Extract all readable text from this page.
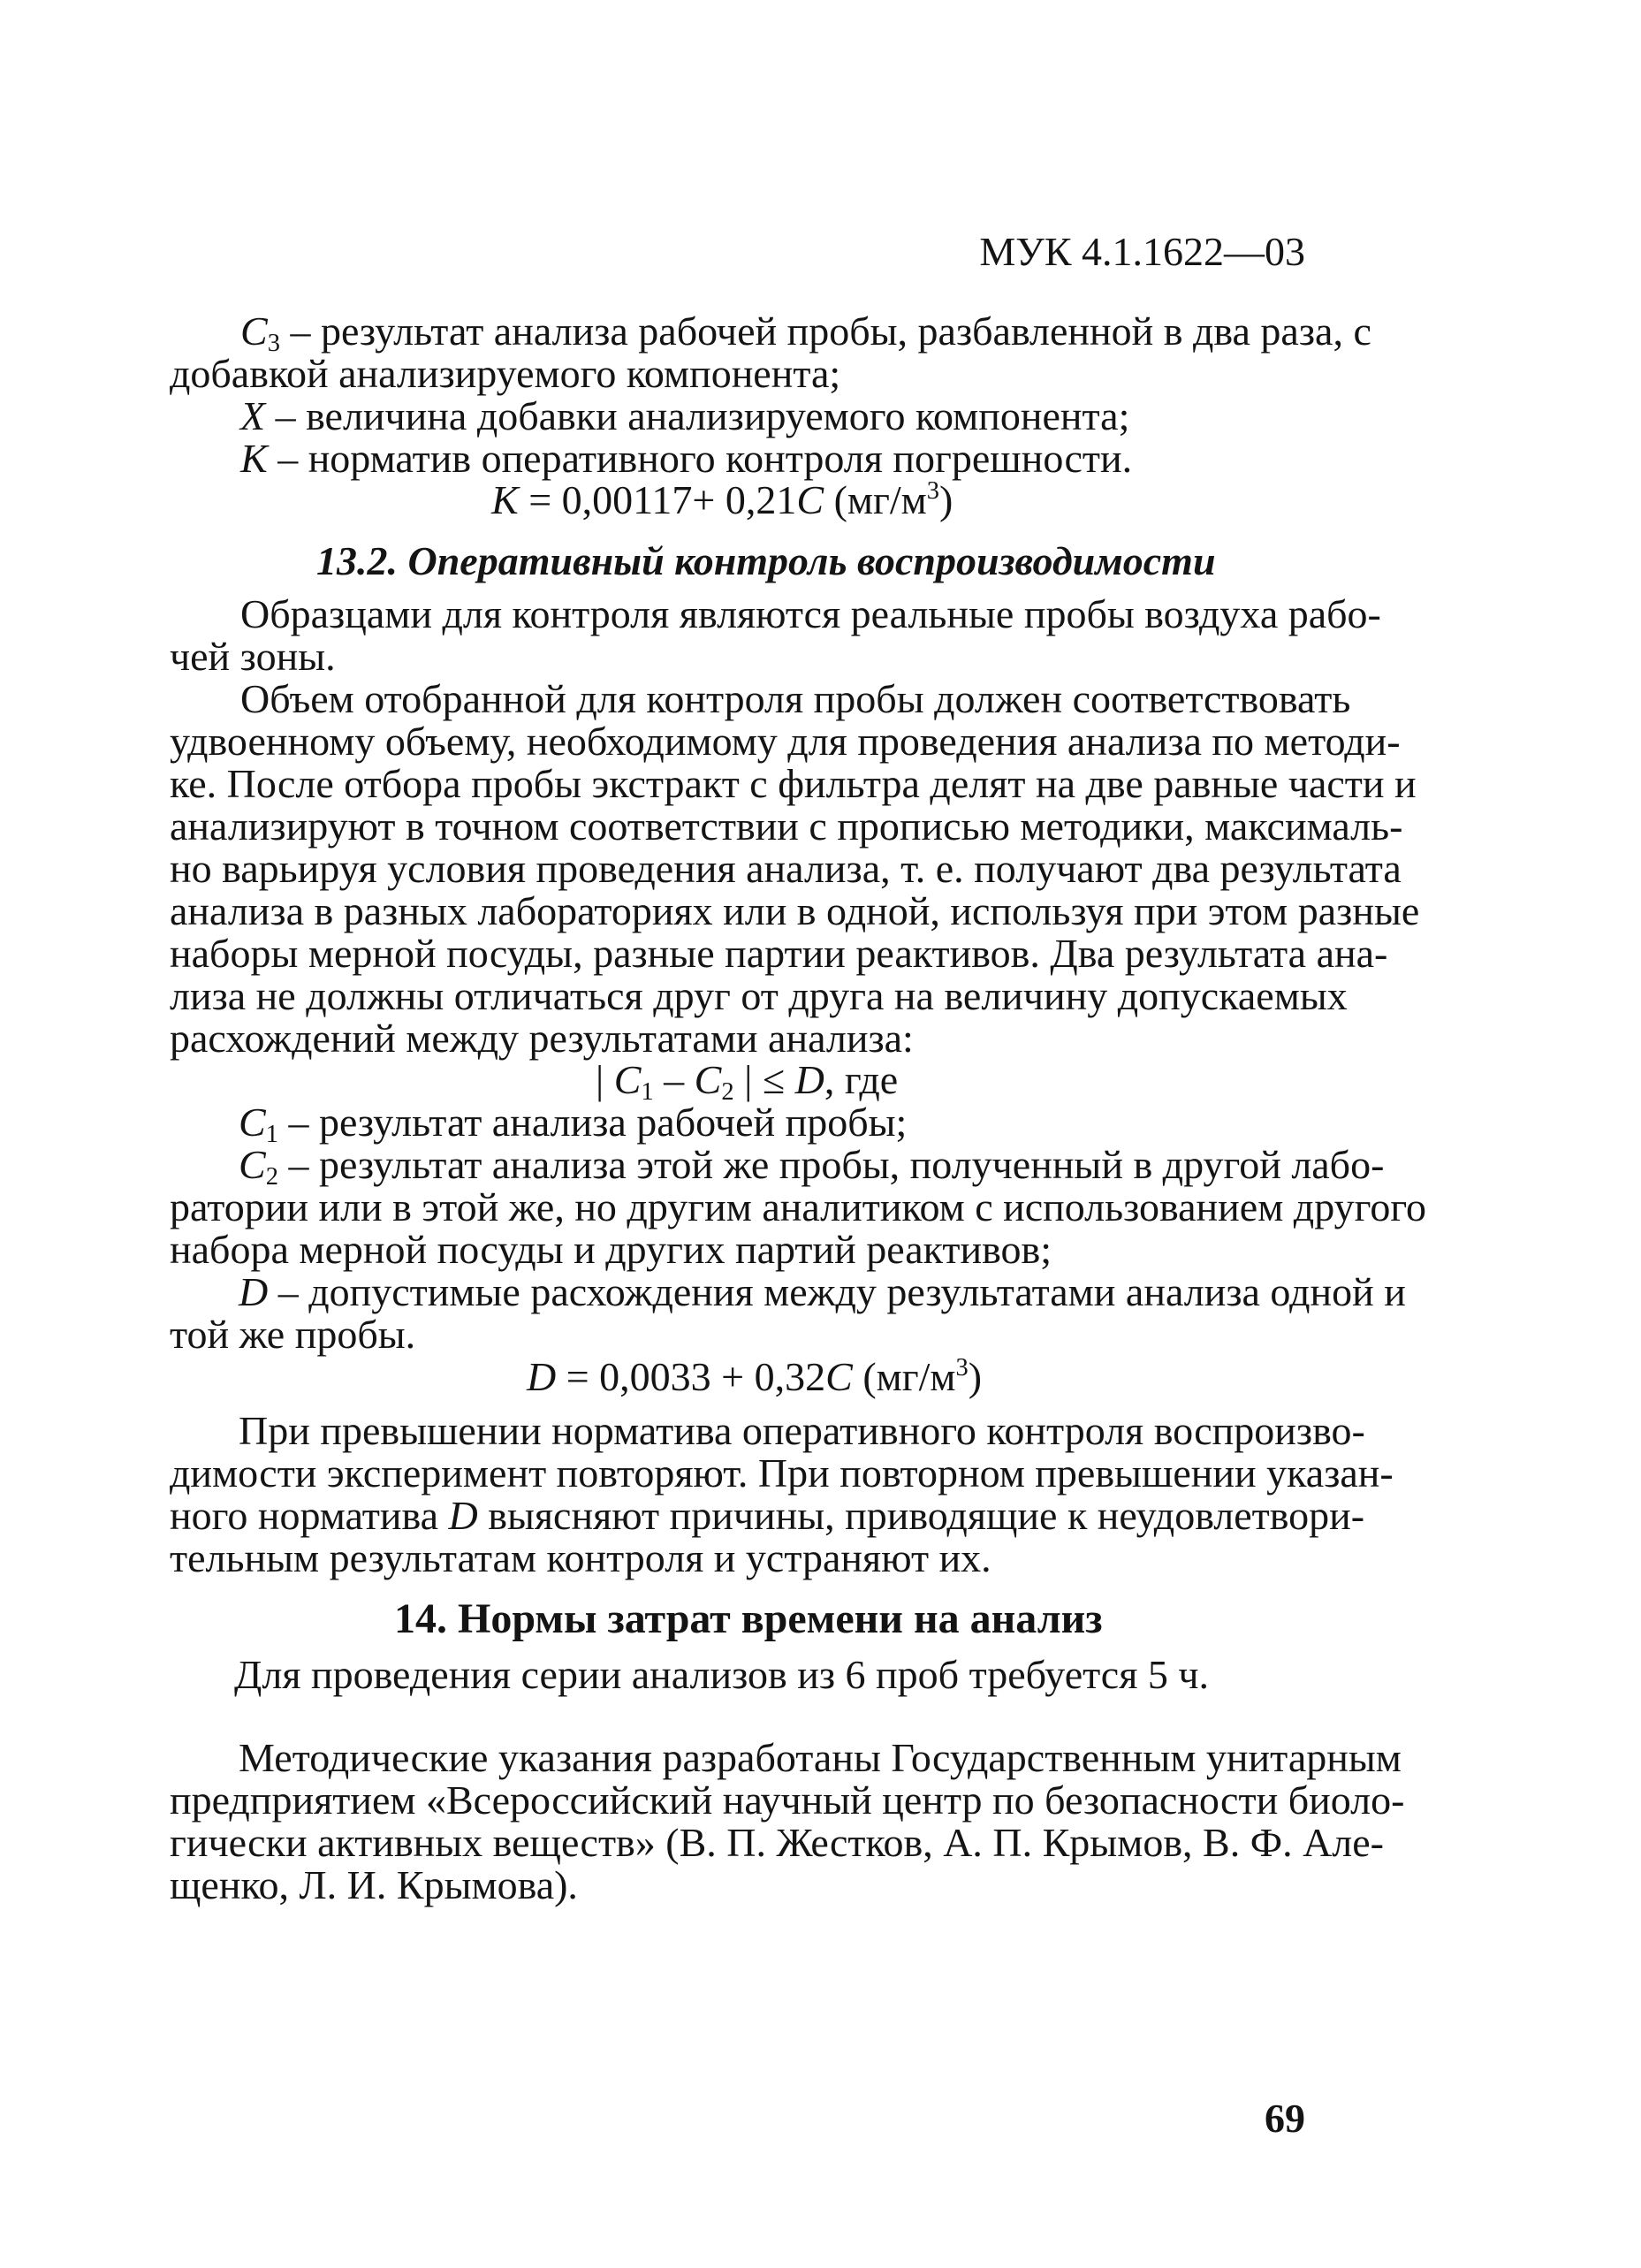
МУК 4.1.1622—03
$C_3$ – результат анализа рабочей пробы, разбавленной в два раза, с
добавкой анализируемого компонента;
X – величина добавки анализируемого компонента;
K – норматив оперативного контроля погрешности.
K = 0,00117+ 0,21C $(мг/м^3)$
13.2. Оперативный контроль воспроизводимости
Образцами для контроля являются реальные пробы воздуха рабо-
чей зоны.
Объем отобранной для контроля пробы должен соответствовать
удвоенному объему, необходимому для проведения анализа по методи-
ке. После отбора пробы экстракт с фильтра делят на две равные части и
анализируют в точном соответствии с прописью методики, максималь-
но варьируя условия проведения анализа, т. е. получают два результата
анализа в разных лабораториях или в одной, используя при этом разные
наборы мерной посуды, разные партии реактивов. Два результата ана-
лиза не должны отличаться друг от друга на величину допускаемых
расхождений между результатами анализа:
| $C_1 - C_2$ | ≤ D, где
$C_1$ – результат анализа рабочей пробы;
$C_2$ – результат анализа этой же пробы, полученный в другой лабо-
ратории или в этой же, но другим аналитиком с использованием другого
набора мерной посуды и других партий реактивов;
D – допустимые расхождения между результатами анализа одной и
той же пробы.
D = 0,0033 + 0,32C $(мг/м^3)$
При превышении норматива оперативного контроля воспроизво-
димости эксперимент повторяют. При повторном превышении указан-
ного норматива D выясняют причины, приводящие к неудовлетвори-
тельным результатам контроля и устраняют их.
14. Нормы затрат времени на анализ
Для проведения серии анализов из 6 проб требуется 5 ч.
Методические указания разработаны Государственным унитарным
предприятием «Всероссийский научный центр по безопасности биоло-
гически активных веществ» (В. П. Жестков, А. П. Крымов, В. Ф. Але-
щенко, Л. И. Крымова).
69
